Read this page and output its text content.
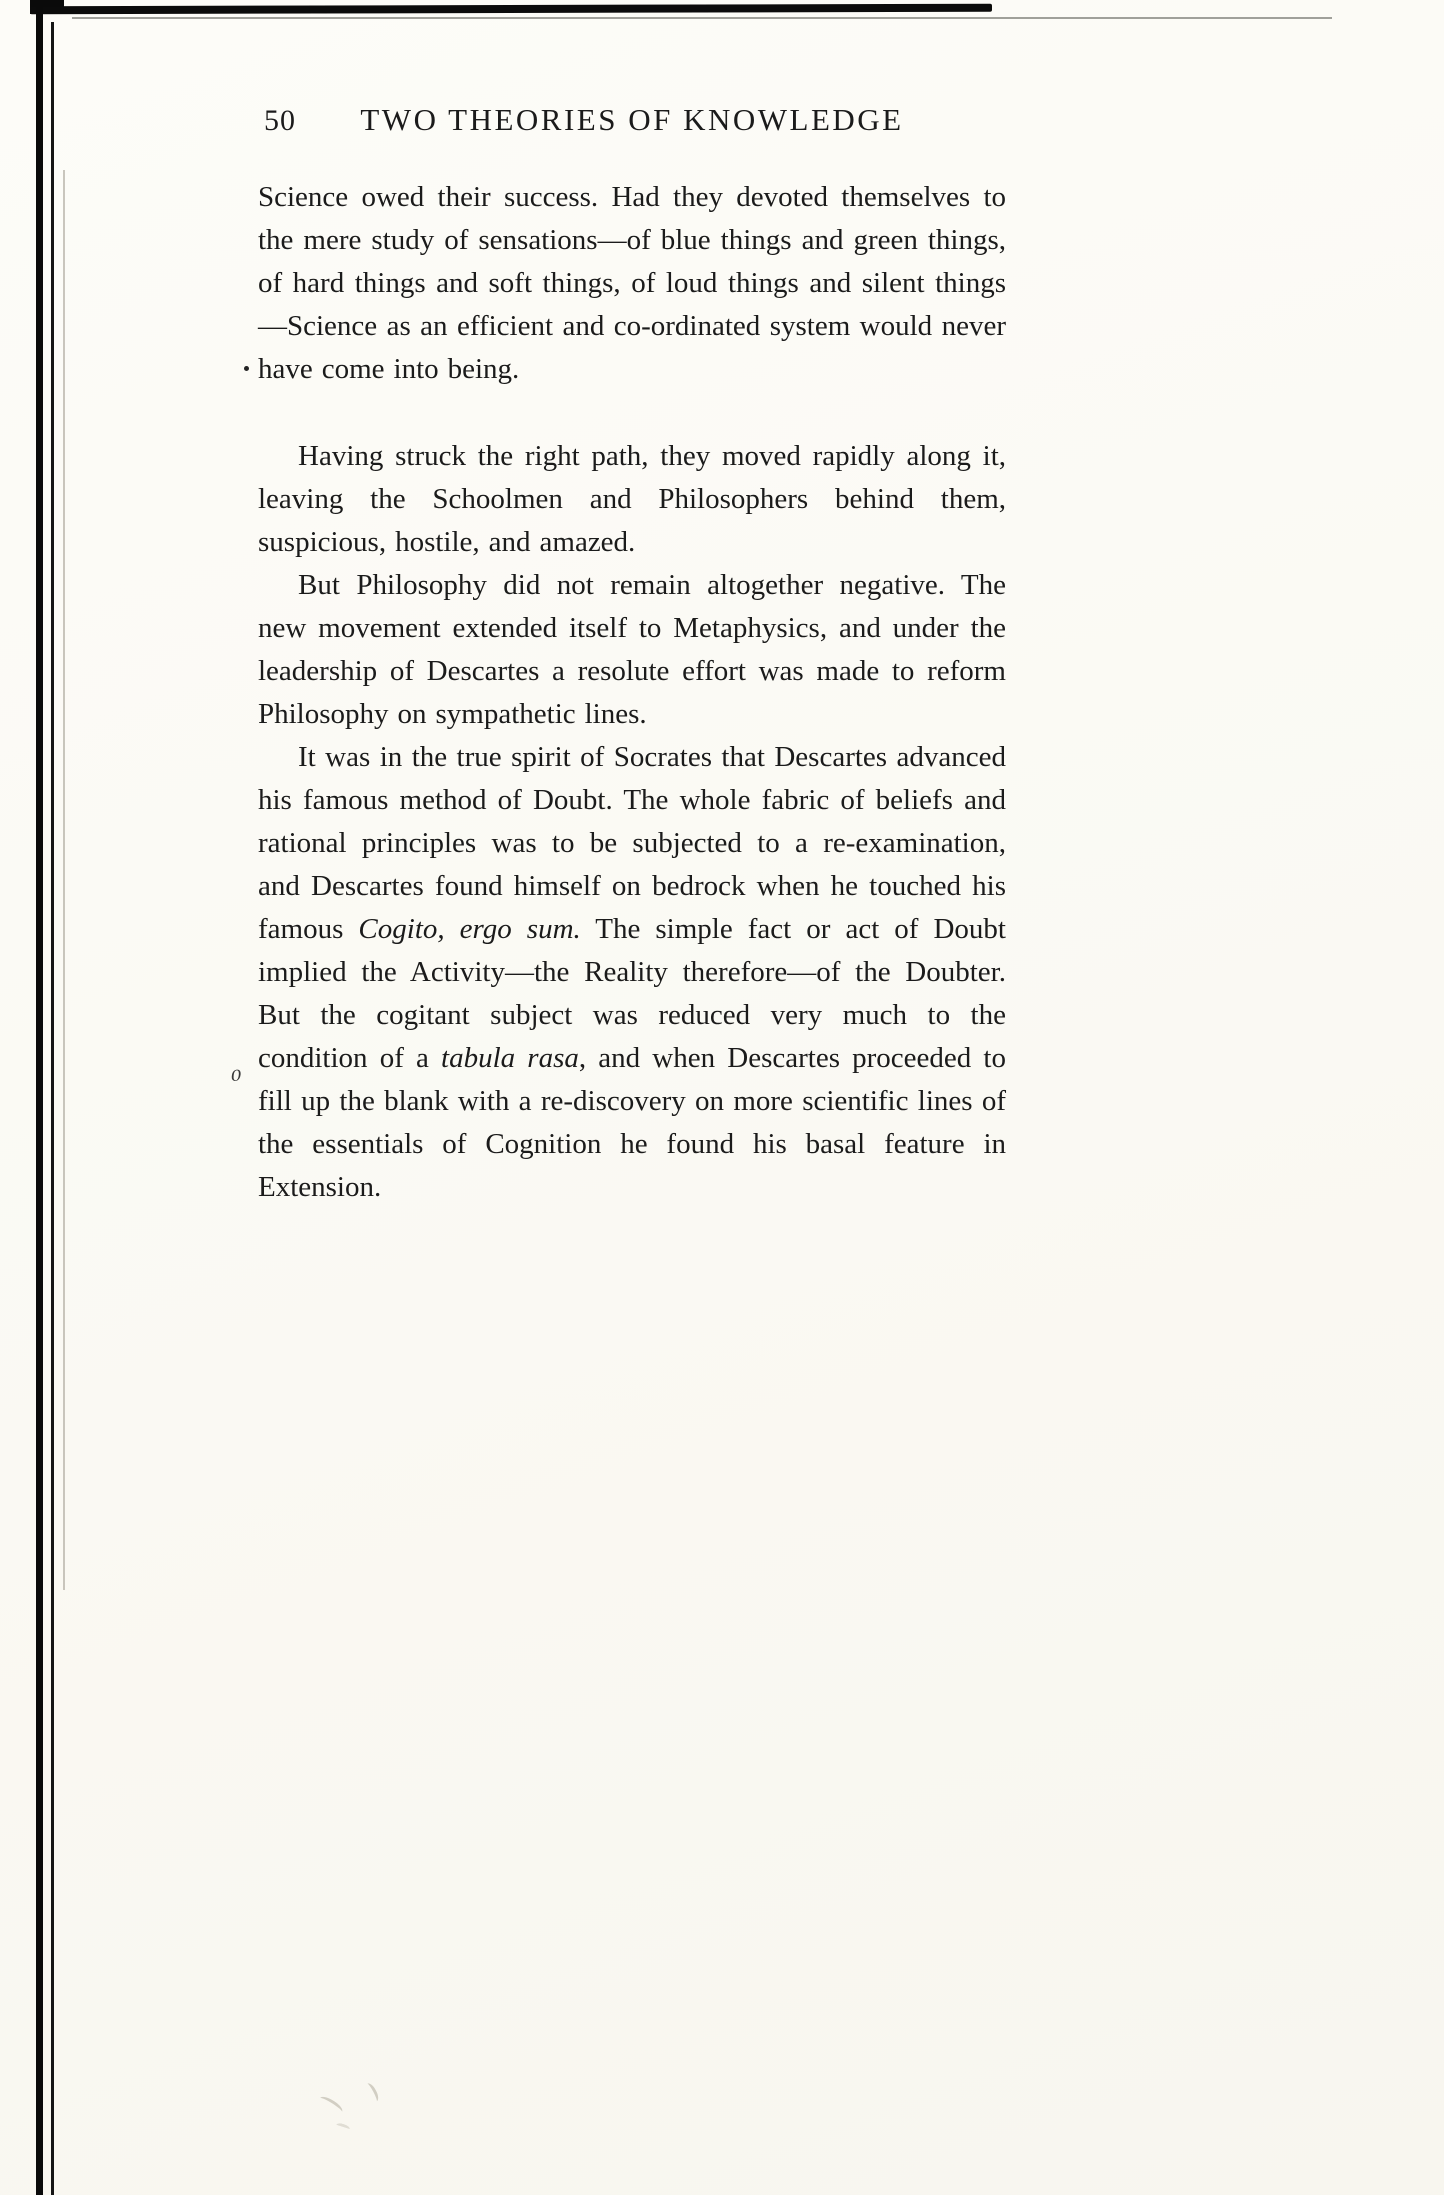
50	TWO THEORIES OF KNOWLEDGE

Science owed their success. Had they devoted themselves to the mere study of sensations—of blue things and green things, of hard things and soft things, of loud things and silent things—Science as an efficient and co-ordinated system would never have come into being.

Having struck the right path, they moved rapidly along it, leaving the Schoolmen and Philosophers behind them, suspicious, hostile, and amazed.

But Philosophy did not remain altogether negative. The new movement extended itself to Metaphysics, and under the leadership of Descartes a resolute effort was made to reform Philosophy on sympathetic lines.

It was in the true spirit of Socrates that Descartes advanced his famous method of Doubt. The whole fabric of beliefs and rational principles was to be subjected to a re-examination, and Descartes found himself on bedrock when he touched his famous Cogito, ergo sum. The simple fact or act of Doubt implied the Activity—the Reality therefore—of the Doubter. But the cogitant subject was reduced very much to the condition of a tabula rasa, and when Descartes proceeded to fill up the blank with a re-discovery on more scientific lines of the essentials of Cognition he found his basal feature in Extension.

⁰
